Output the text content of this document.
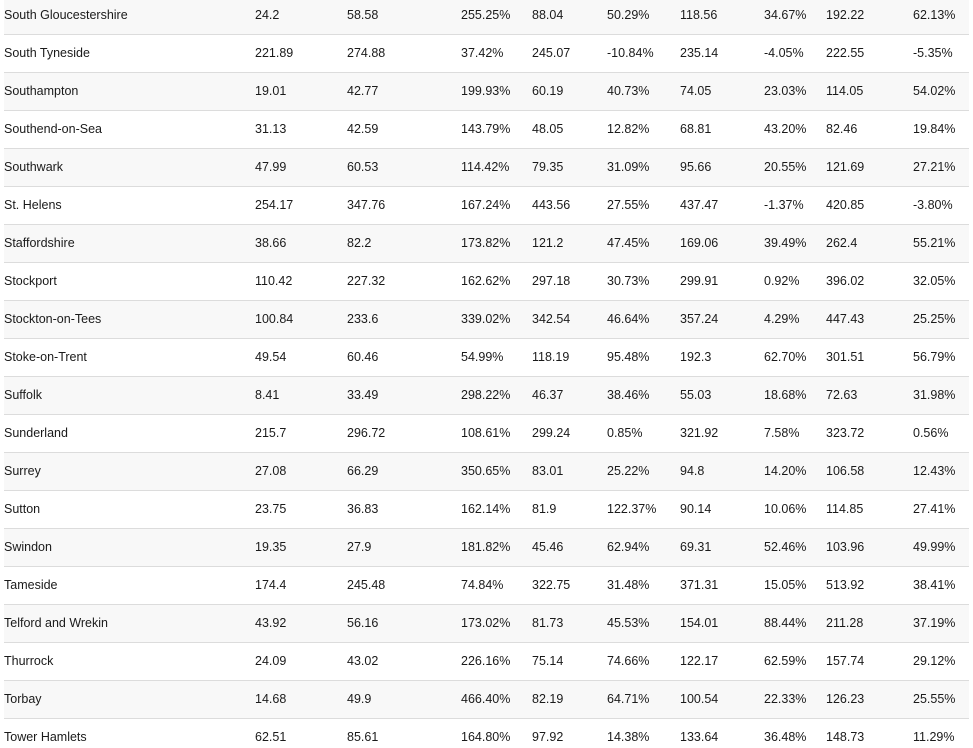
South Gloucestershire	24.2	58.58	255.25%	88.04	50.29%	118.56	34.67%	192.22	62.13%
South Tyneside	221.89	274.88	37.42%	245.07	-10.84%	235.14	-4.05%	222.55	-5.35%
Southampton	19.01	42.77	199.93%	60.19	40.73%	74.05	23.03%	114.05	54.02%
Southend-on-Sea	31.13	42.59	143.79%	48.05	12.82%	68.81	43.20%	82.46	19.84%
Southwark	47.99	60.53	114.42%	79.35	31.09%	95.66	20.55%	121.69	27.21%
St. Helens	254.17	347.76	167.24%	443.56	27.55%	437.47	-1.37%	420.85	-3.80%
Staffordshire	38.66	82.2	173.82%	121.2	47.45%	169.06	39.49%	262.4	55.21%
Stockport	110.42	227.32	162.62%	297.18	30.73%	299.91	0.92%	396.02	32.05%
Stockton-on-Tees	100.84	233.6	339.02%	342.54	46.64%	357.24	4.29%	447.43	25.25%
Stoke-on-Trent	49.54	60.46	54.99%	118.19	95.48%	192.3	62.70%	301.51	56.79%
Suffolk	8.41	33.49	298.22%	46.37	38.46%	55.03	18.68%	72.63	31.98%
Sunderland	215.7	296.72	108.61%	299.24	0.85%	321.92	7.58%	323.72	0.56%
Surrey	27.08	66.29	350.65%	83.01	25.22%	94.8	14.20%	106.58	12.43%
Sutton	23.75	36.83	162.14%	81.9	122.37%	90.14	10.06%	114.85	27.41%
Swindon	19.35	27.9	181.82%	45.46	62.94%	69.31	52.46%	103.96	49.99%
Tameside	174.4	245.48	74.84%	322.75	31.48%	371.31	15.05%	513.92	38.41%
Telford and Wrekin	43.92	56.16	173.02%	81.73	45.53%	154.01	88.44%	211.28	37.19%
Thurrock	24.09	43.02	226.16%	75.14	74.66%	122.17	62.59%	157.74	29.12%
Torbay	14.68	49.9	466.40%	82.19	64.71%	100.54	22.33%	126.23	25.55%
Tower Hamlets	62.51	85.61	164.80%	97.92	14.38%	133.64	36.48%	148.73	11.29%
